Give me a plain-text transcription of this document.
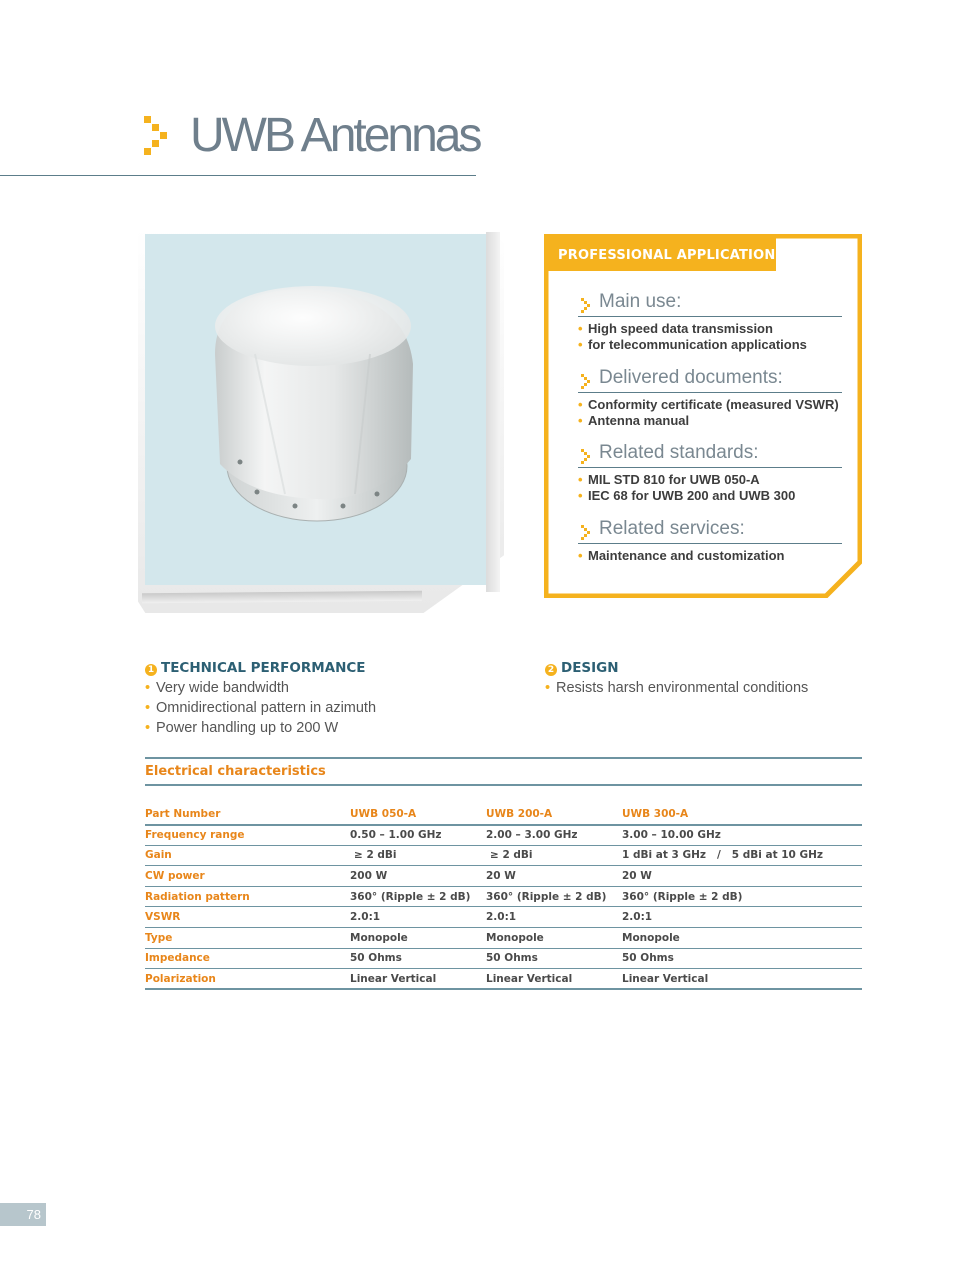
UWB Antennas
PROFESSIONAL APPLICATION
Main use:
• High speed data transmission
• for telecommunication applications
Delivered documents:
• Conformity certificate (measured VSWR)
• Antenna manual
Related standards:
• MIL STD 810 for UWB 050-A
• IEC 68 for UWB 200 and UWB 300
Related services:
• Maintenance and customization
1 TECHNICAL PERFORMANCE
• Very wide bandwidth
• Omnidirectional pattern in azimuth
• Power handling up to 200 W
2 DESIGN
• Resists harsh environmental conditions
Electrical characteristics
Part Number	UWB 050-A	UWB 200-A	UWB 300-A
Frequency range	0.50 – 1.00 GHz	2.00 – 3.00 GHz	3.00 – 10.00 GHz
Gain	≥ 2 dBi	≥ 2 dBi	1 dBi at 3 GHz   /   5 dBi at 10 GHz
CW power	200 W	20 W	20 W
Radiation pattern	360° (Ripple ± 2 dB)	360° (Ripple ± 2 dB)	360° (Ripple ± 2 dB)
VSWR	2.0:1	2.0:1	2.0:1
Type	Monopole	Monopole	Monopole
Impedance	50 Ohms	50 Ohms	50 Ohms
Polarization	Linear Vertical	Linear Vertical	Linear Vertical
78
